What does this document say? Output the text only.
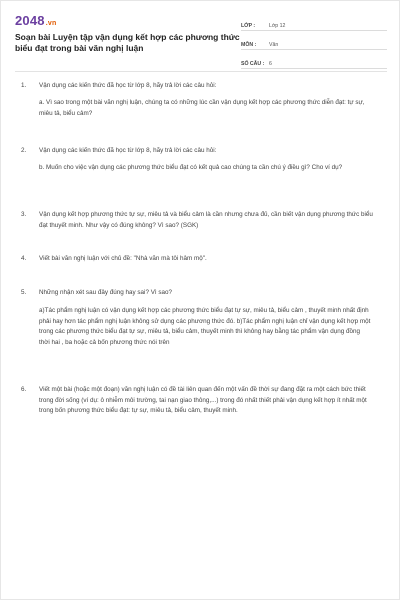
2048.vn
Soạn bài Luyện tập vận dụng kết hợp các phương thức biểu đạt trong bài văn nghị luận
LỚP :	Lớp 12
MÔN :	Văn
SỐ CÂU : 6
1.	Vận dụng các kiến thức đã học từ lớp 8, hãy trả lời các câu hỏi:
a. Vì sao trong một bài văn nghị luận, chúng ta có những lúc cần vận dụng kết hợp các phương thức diễn đạt: tự sự, miêu tả, biểu cảm?
2.	Vận dụng các kiến thức đã học từ lớp 8, hãy trả lời các câu hỏi:
b. Muốn cho việc vận dụng các phương thức biểu đạt có kết quả cao chúng ta cần chú ý điều gì? Cho ví dụ?
3.	Vận dụng kết hợp phương thức tự sự, miêu tả và biểu cảm là cần nhưng chưa đủ, cần biết vận dụng phương thức biểu đạt thuyết minh. Như vậy có đúng không? Vì sao? (SGK)
4.	Viết bài văn nghị luận với chủ đề: "Nhà văn mà tôi hâm mộ".
5.	Những nhận xét sau đây đúng hay sai? Vì sao?
a)Tác phẩm nghị luận có vận dụng kết hợp các phương thức biểu đạt tự sự, miêu tả, biểu cảm , thuyết minh nhất định phải hay hơn tác phẩm nghị luận không sử dụng các phương thức đó. b)Tác phẩm nghị luận chỉ vận dụng kết hợp một trong các phương thức biểu đạt tự sự, miêu tả, biểu cảm, thuyết minh thì không hay bằng tác phẩm vận dụng đồng thời hai , ba hoặc cả bốn phương thức nói trên
6.	Viết một bài (hoặc một đoạn) văn nghị luận có đề tài liên quan đến một vấn đề thời sự đang đặt ra một cách bức thiết trong đời sống (ví dụ: ô nhiễm môi trường, tai nạn giao thông,...) trong đó nhất thiết phải vận dụng kết hợp ít nhất một trong bốn phương thức biểu đạt: tự sự, miêu tả, biểu cảm, thuyết minh.
